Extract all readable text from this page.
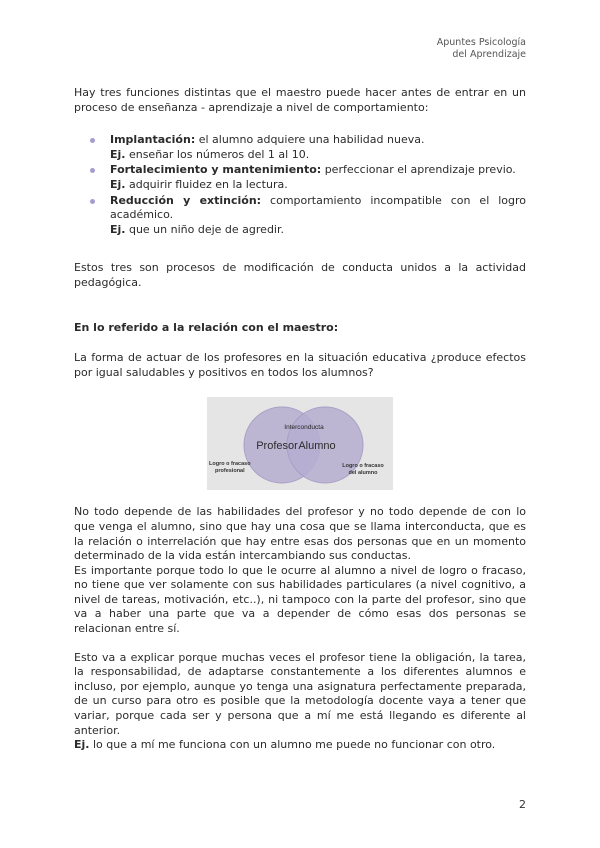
Apuntes Psicología
del Aprendizaje

Hay tres funciones distintas que el maestro puede hacer antes de entrar en un proceso de enseñanza - aprendizaje a nivel de comportamiento:

Implantación: el alumno adquiere una habilidad nueva.
Ej. enseñar los números del 1 al 10.
Fortalecimiento y mantenimiento: perfeccionar el aprendizaje previo.
Ej. adquirir fluidez en la lectura.
Reducción y extinción: comportamiento incompatible con el logro académico.
Ej. que un niño deje de agredir.

Estos tres son procesos de modificación de conducta unidos a la actividad pedagógica.

En lo referido a la relación con el maestro:

La forma de actuar de los profesores en la situación educativa ¿produce efectos por igual saludables y positivos en todos los alumnos?

Interconducta
Profesor Alumno
Logro o fracaso
profesional
Logro o fracaso
del alumno

No todo depende de las habilidades del profesor y no todo depende de con lo que venga el alumno, sino que hay una cosa que se llama interconducta, que es la relación o interrelación que hay entre esas dos personas que en un momento determinado de la vida están intercambiando sus conductas.

Es importante porque todo lo que le ocurre al alumno a nivel de logro o fracaso, no tiene que ver solamente con sus habilidades particulares (a nivel cognitivo, a nivel de tareas, motivación, etc..), ni tampoco con la parte del profesor, sino que va a haber una parte que va a depender de cómo esas dos personas se relacionan entre sí.

Esto va a explicar porque muchas veces el profesor tiene la obligación, la tarea, la responsabilidad, de adaptarse constantemente a los diferentes alumnos e incluso, por ejemplo, aunque yo tenga una asignatura perfectamente preparada, de un curso para otro es posible que la metodología docente vaya a tener que variar, porque cada ser y persona que a mí me está llegando es diferente al anterior.

Ej. lo que a mí me funciona con un alumno me puede no funcionar con otro.

2
